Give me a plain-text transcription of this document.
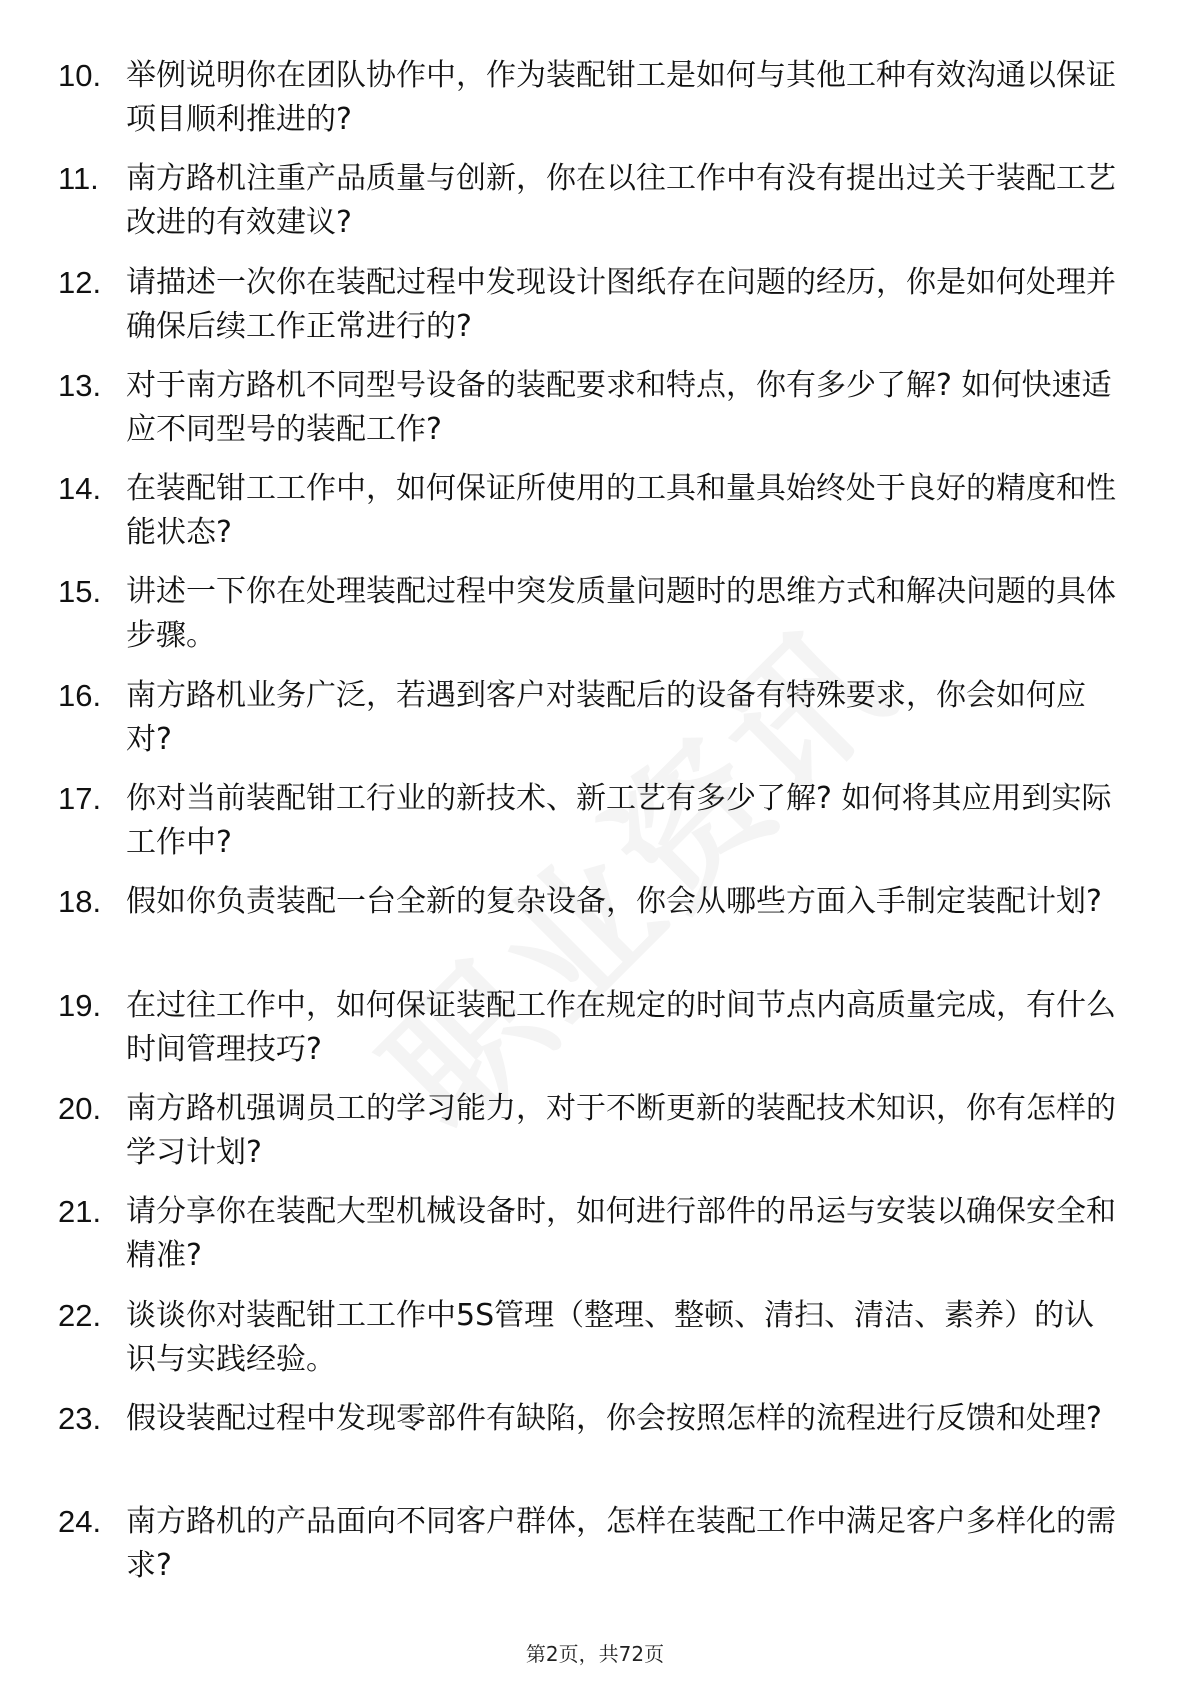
10. 举例说明你在团队协作中，作为装配钳工是如何与其他工种有效沟通以保证项目顺利推进的?
11. 南方路机注重产品质量与创新，你在以往工作中有没有提出过关于装配工艺改进的有效建议?
12. 请描述一次你在装配过程中发现设计图纸存在问题的经历，你是如何处理并确保后续工作正常进行的?
13. 对于南方路机不同型号设备的装配要求和特点，你有多少了解? 如何快速适应不同型号的装配工作?
14. 在装配钳工工作中，如何保证所使用的工具和量具始终处于良好的精度和性能状态?
15. 讲述一下你在处理装配过程中突发质量问题时的思维方式和解决问题的具体步骤。
16. 南方路机业务广泛，若遇到客户对装配后的设备有特殊要求，你会如何应对?
17. 你对当前装配钳工行业的新技术、新工艺有多少了解? 如何将其应用到实际工作中?
18. 假如你负责装配一台全新的复杂设备，你会从哪些方面入手制定装配计划?
19. 在过往工作中，如何保证装配工作在规定的时间节点内高质量完成，有什么时间管理技巧?
20. 南方路机强调员工的学习能力，对于不断更新的装配技术知识，你有怎样的学习计划?
21. 请分享你在装配大型机械设备时，如何进行部件的吊运与安装以确保安全和精准?
22. 谈谈你对装配钳工工作中5S管理（整理、整顿、清扫、清洁、素养）的认识与实践经验。
23. 假设装配过程中发现零部件有缺陷，你会按照怎样的流程进行反馈和处理?
24. 南方路机的产品面向不同客户群体，怎样在装配工作中满足客户多样化的需求?
第2页，共72页
